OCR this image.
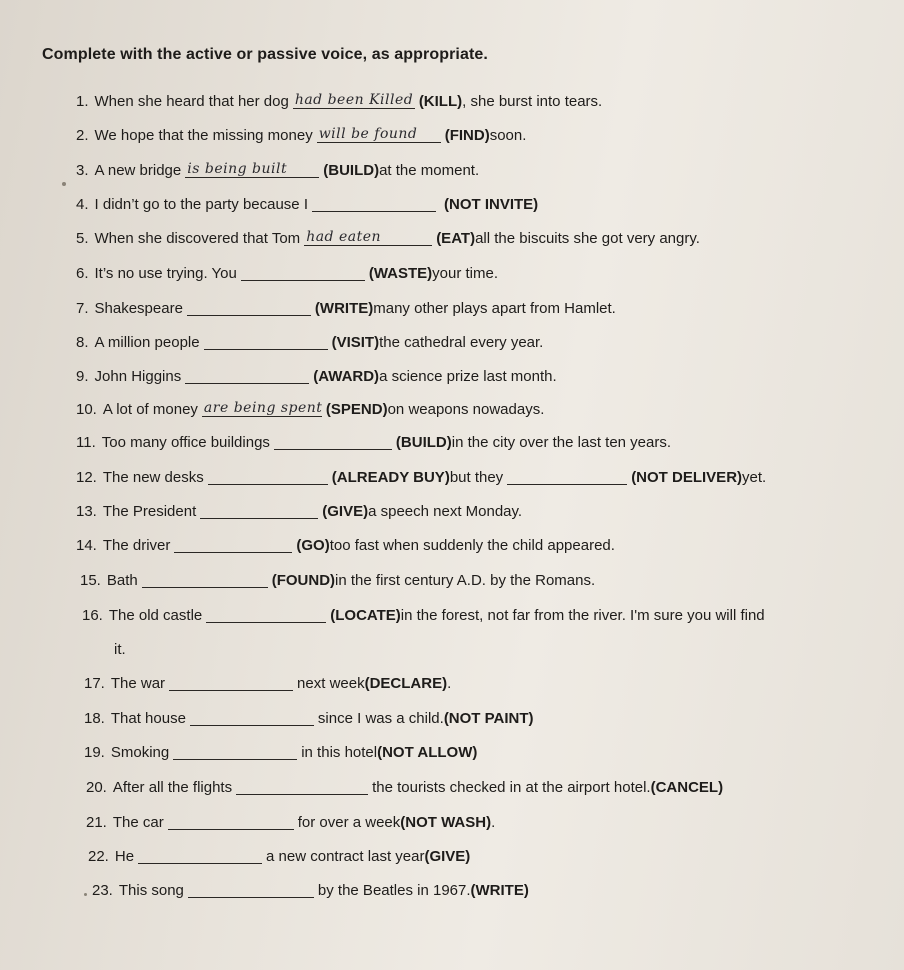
Complete with the active or passive voice, as appropriate.
1. When she heard that her dog had been Killed (KILL) , she burst into tears.
2. We hope that the missing money will be found (FIND) soon.
3. A new bridge is being built (BUILD) at the moment.
4. I didn’t go to the party because I	(NOT INVITE)
5. When she discovered that Tom had eaten	(EAT) all the biscuits she got very angry.
6. It’s no use trying. You	(WASTE) your time.
7. Shakespeare	(WRITE) many other plays apart from Hamlet.
8. A million people	(VISIT) the cathedral every year.
9. John Higgins	(AWARD) a science prize last month.
10. A lot of money are being spent (SPEND) on weapons nowadays.
11. Too many office buildings	(BUILD) in the city over the last ten years.
12. The new desks	(ALREADY BUY) but they	(NOT DELIVER) yet.
13. The President	(GIVE) a speech next Monday.
14. The driver	(GO) too fast when suddenly the child appeared.
15. Bath	(FOUND) in the first century A.D. by the Romans.
16. The old castle	(LOCATE) in the forest, not far from the river. I'm sure you will find
it.
17. The war	next week (DECLARE) .
18. That house	since I was a child. (NOT PAINT)
19. Smoking	in this hotel (NOT ALLOW)
20. After all the flights	the tourists checked in at the airport hotel. (CANCEL)
21. The car	for over a week (NOT WASH) .
22. He	a new contract last year (GIVE)
23. This song	by the Beatles in 1967. (WRITE)
